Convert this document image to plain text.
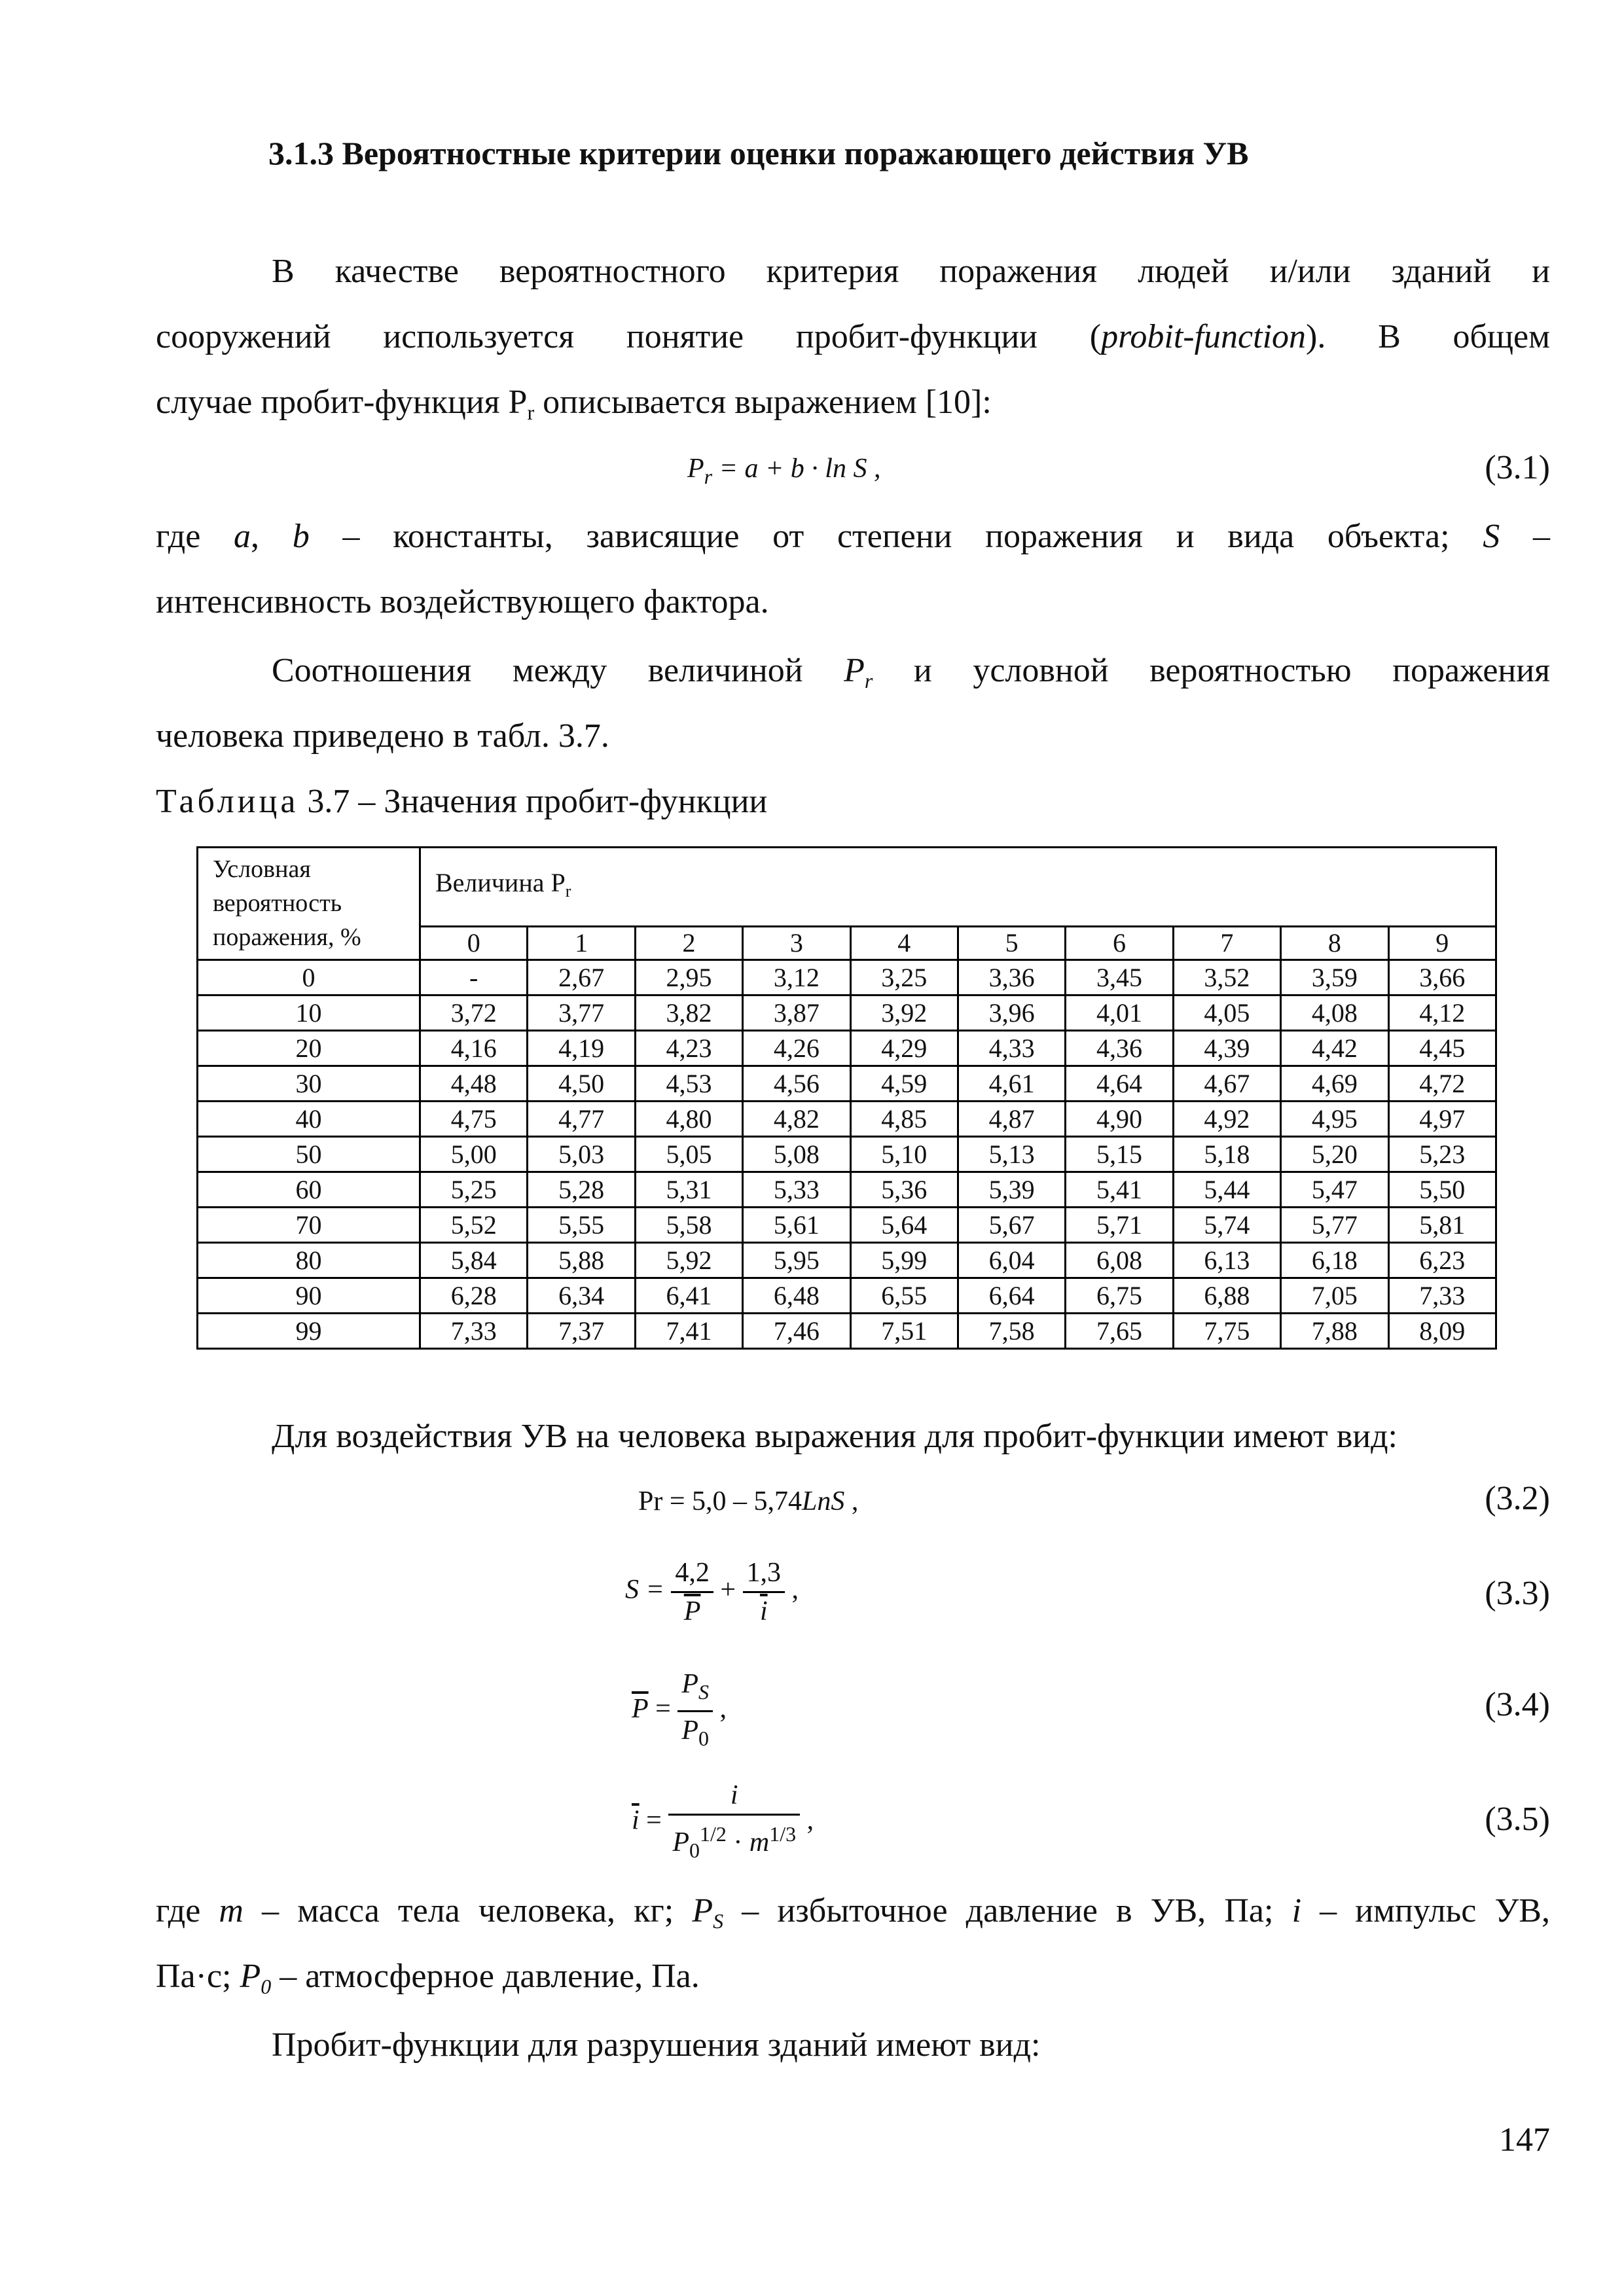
3.1.3 Вероятностные критерии оценки поражающего действия УВ
В качестве вероятностного критерия поражения людей и/или зданий и
сооружений используется понятие пробит-функции (probit-function). В общем
случае пробит-функция $P_r$ описывается выражением [10]:
$P_r = a + b \cdot \ln S$ ,	(3.1)
где a, b – константы, зависящие от степени поражения и вида объекта; S –
интенсивность воздействующего фактора.
Соотношения между величиной $P_r$ и условной вероятностью поражения
человека приведено в табл. 3.7.
Таблица 3.7 – Значения пробит-функции
Условная вероятность поражения, %	Величина $P_r$
	0	1	2	3	4	5	6	7	8	9
0	-	2,67	2,95	3,12	3,25	3,36	3,45	3,52	3,59	3,66
10	3,72	3,77	3,82	3,87	3,92	3,96	4,01	4,05	4,08	4,12
20	4,16	4,19	4,23	4,26	4,29	4,33	4,36	4,39	4,42	4,45
30	4,48	4,50	4,53	4,56	4,59	4,61	4,64	4,67	4,69	4,72
40	4,75	4,77	4,80	4,82	4,85	4,87	4,90	4,92	4,95	4,97
50	5,00	5,03	5,05	5,08	5,10	5,13	5,15	5,18	5,20	5,23
60	5,25	5,28	5,31	5,33	5,36	5,39	5,41	5,44	5,47	5,50
70	5,52	5,55	5,58	5,61	5,64	5,67	5,71	5,74	5,77	5,81
80	5,84	5,88	5,92	5,95	5,99	6,04	6,08	6,13	6,18	6,23
90	6,28	6,34	6,41	6,48	6,55	6,64	6,75	6,88	7,05	7,33
99	7,33	7,37	7,41	7,46	7,51	7,58	7,65	7,75	7,88	8,09
Для воздействия УВ на человека выражения для пробит-функции имеют вид:
Pr = 5,0 – 5,74LnS ,	(3.2)
$S = \frac{4,2}{P} + \frac{1,3}{i}$ ,	(3.3)
$\overline{P} = \frac{P_S}{P_0}$ ,	(3.4)
$\overline{i} = \frac{i}{P_0^{1/2} \cdot m^{1/3}}$ ,	(3.5)
где m – масса тела человека, кг; $P_S$ – избыточное давление в УВ, Па; i – импульс УВ,
Па·с; $P_0$ – атмосферное давление, Па.
Пробит-функции для разрушения зданий имеют вид:
147
